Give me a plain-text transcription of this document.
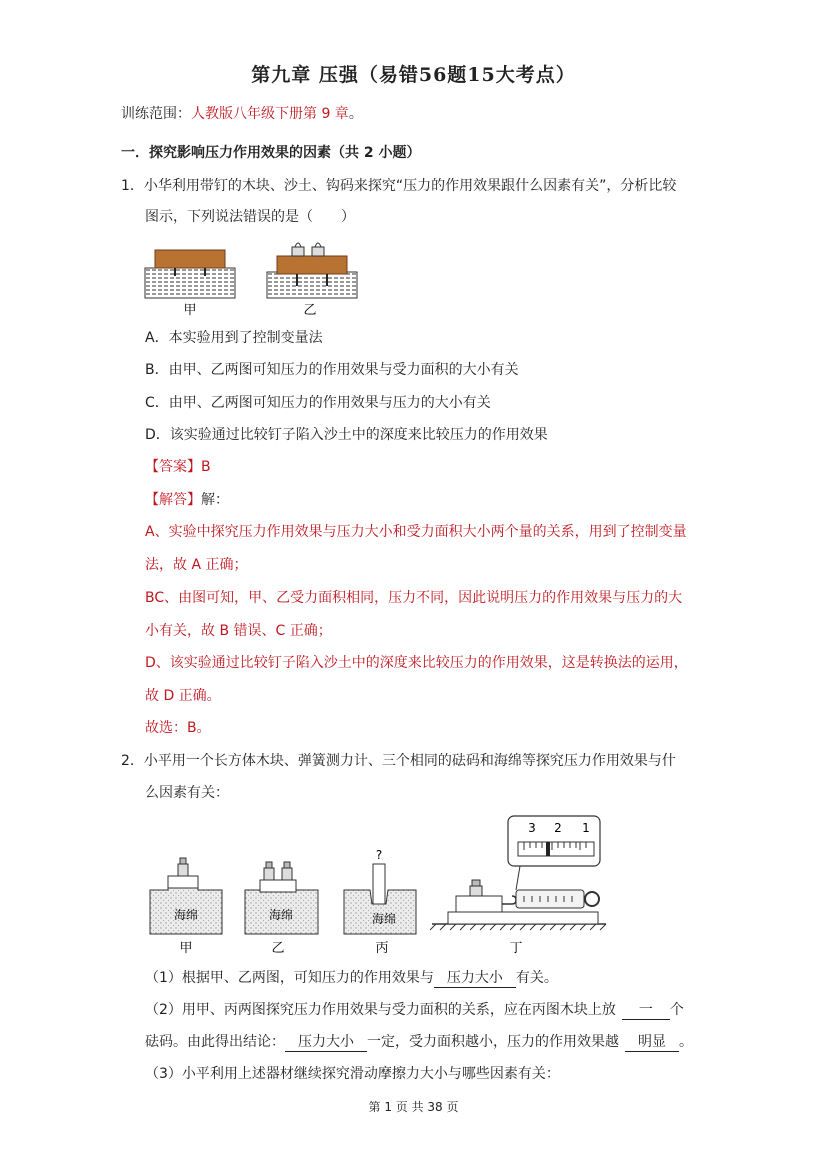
第九章 压强（易错56题15大考点）
训练范围：人教版八年级下册第 9 章。
一．探究影响压力作用效果的因素（共 2 小题）
1．小华利用带钉的木块、沙土、钩码来探究“压力的作用效果跟什么因素有关”，分析比较
图示，下列说法错误的是（　　）
甲	乙
A．本实验用到了控制变量法
B．由甲、乙两图可知压力的作用效果与受力面积的大小有关
C．由甲、乙两图可知压力的作用效果与压力的大小有关
D．该实验通过比较钉子陷入沙土中的深度来比较压力的作用效果
【答案】B
【解答】解：
A、实验中探究压力作用效果与压力大小和受力面积大小两个量的关系，用到了控制变量
法，故 A 正确；
BC、由图可知，甲、乙受力面积相同，压力不同，因此说明压力的作用效果与压力的大
小有关，故 B 错误、C 正确；
D、该实验通过比较钉子陷入沙土中的深度来比较压力的作用效果，这是转换法的运用，
故 D 正确。
故选：B。
2．小平用一个长方体木块、弹簧测力计、三个相同的砝码和海绵等探究压力作用效果与什
么因素有关：
海绵
甲
海绵
乙
?
海绵
丙
3 2 1
丁
（1）根据甲、乙两图，可知压力的作用效果与 压力大小 有关。
（2）用甲、丙两图探究压力作用效果与受力面积的关系，应在丙图木块上放 一 个
砝码。由此得出结论： 压力大小 一定，受力面积越小，压力的作用效果越 明显 。
（3）小平利用上述器材继续探究滑动摩擦力大小与哪些因素有关：
第 1 页 共 38 页
